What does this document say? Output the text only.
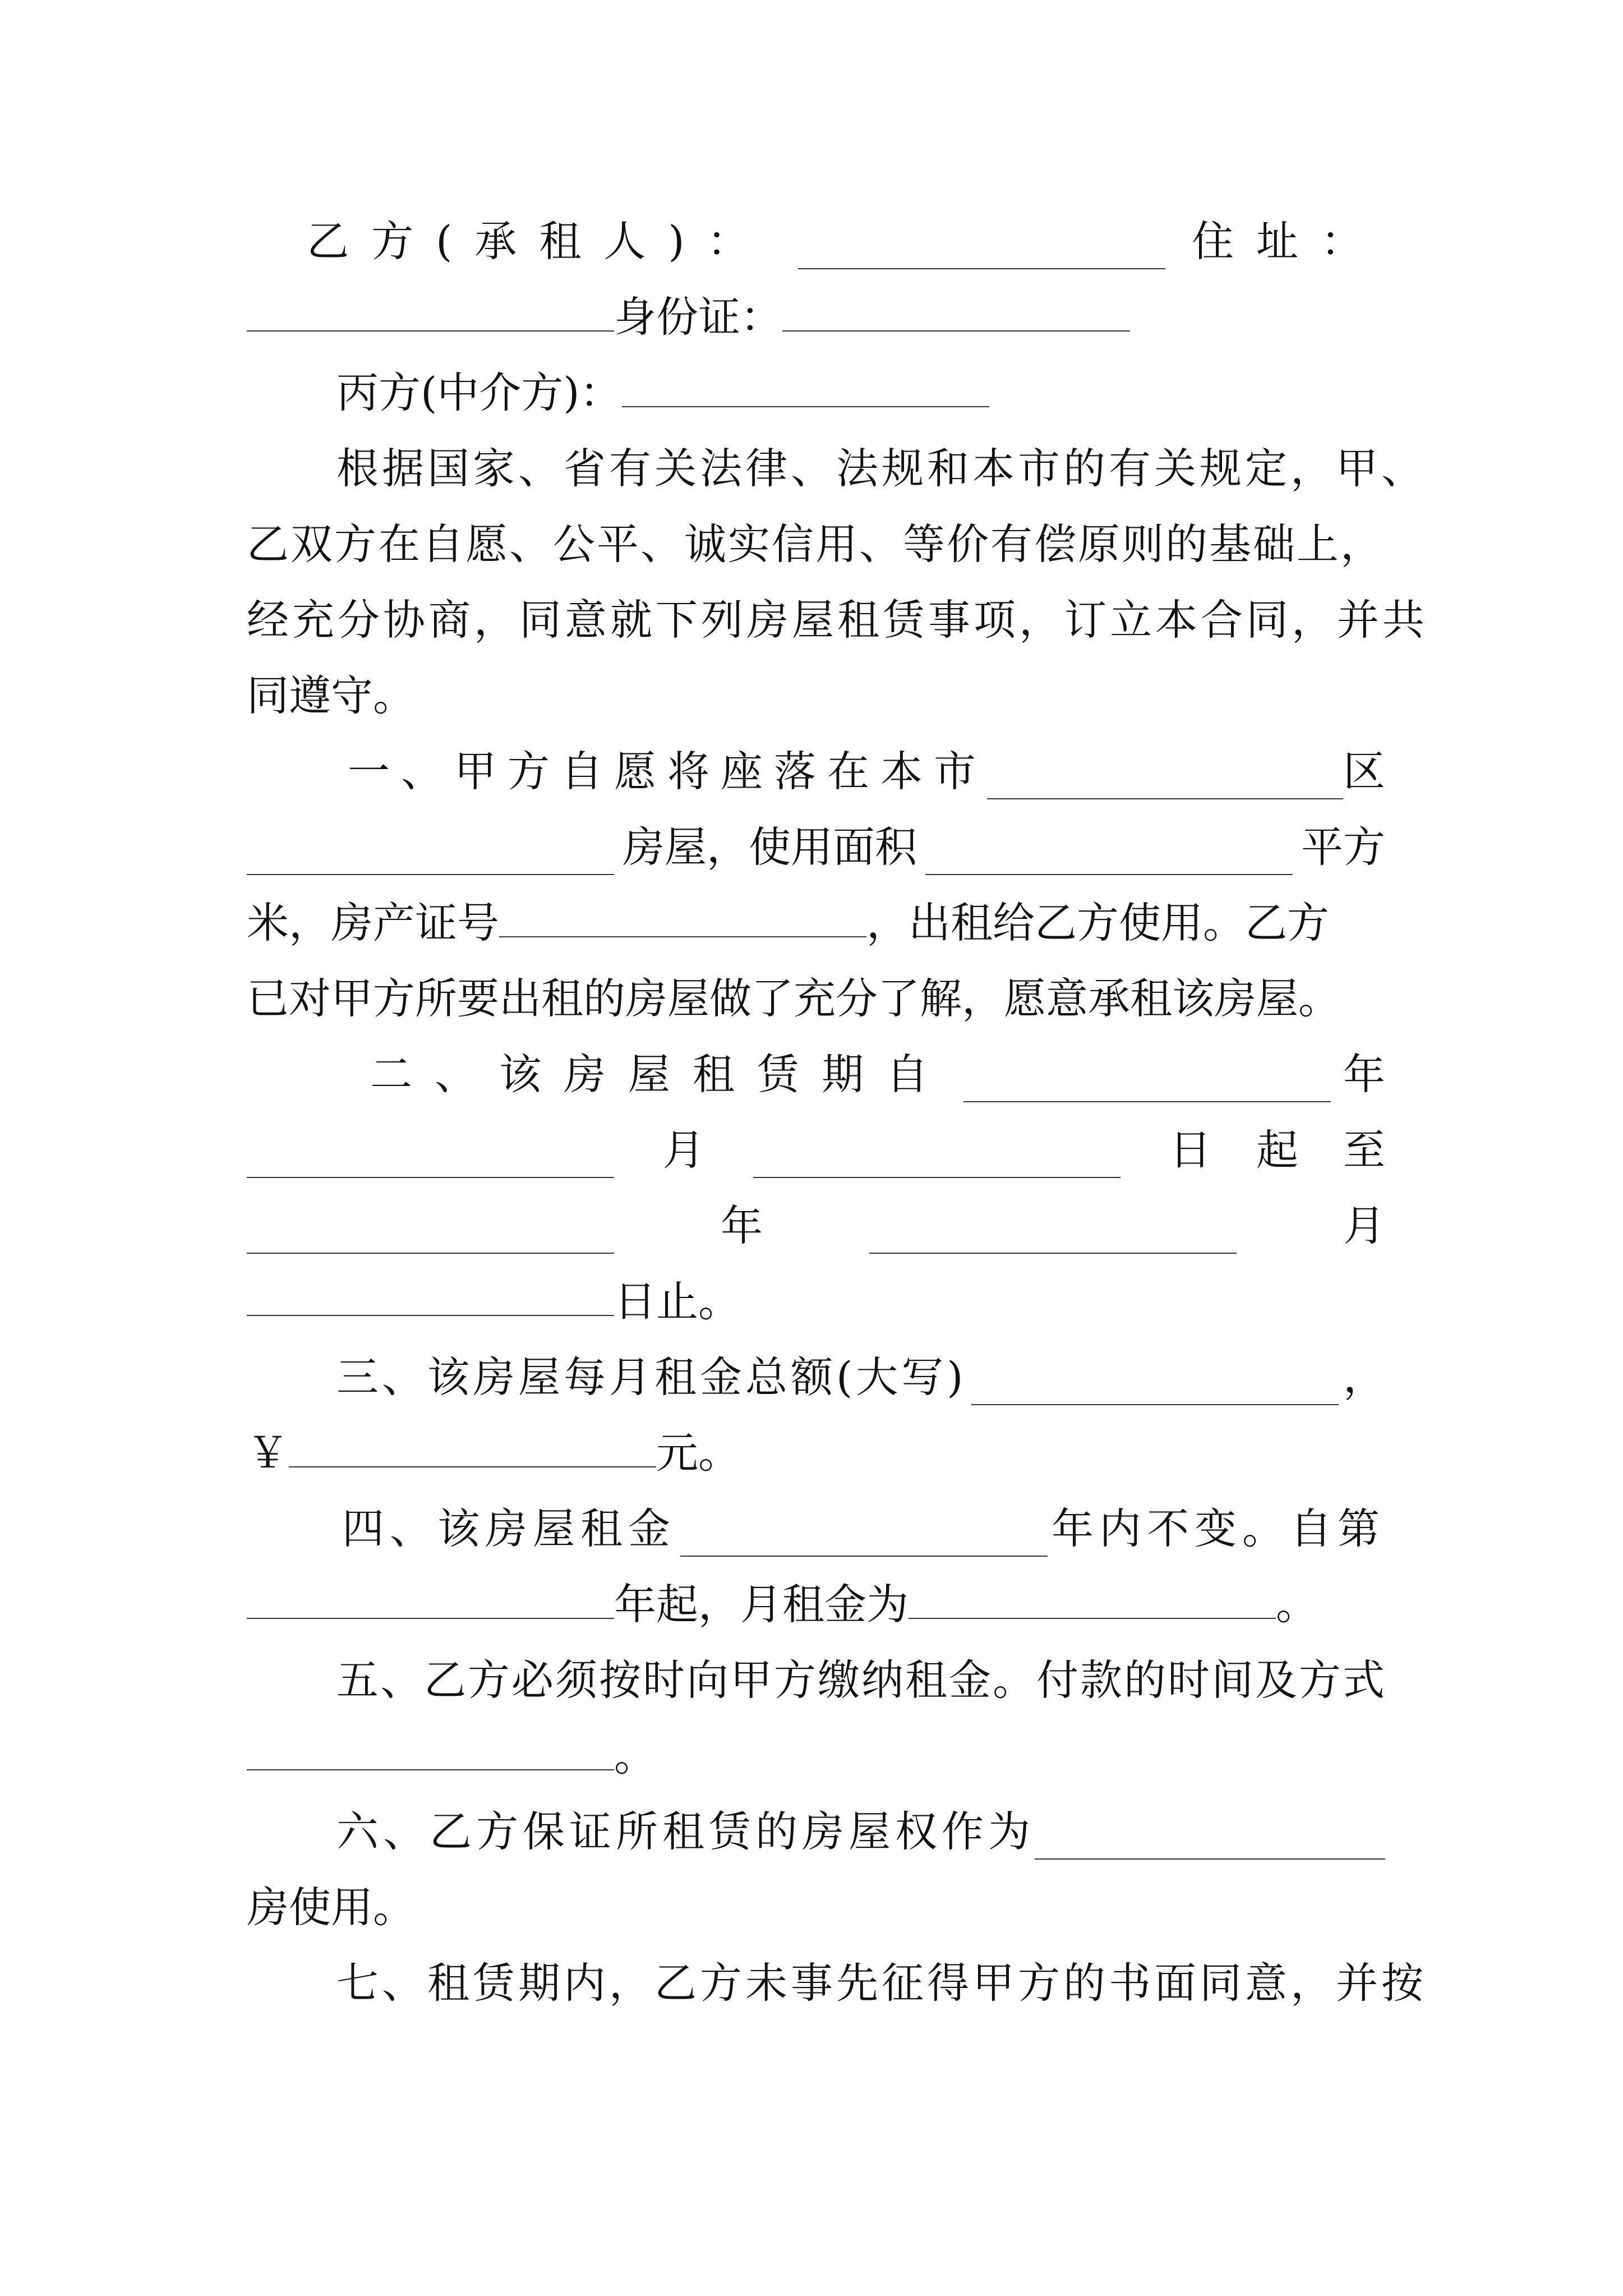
乙方(承租人)：	住址：
身份证：
丙方(中介方)：
根据国家、省有关法律、法规和本市的有关规定，甲、
乙双方在自愿、公平、诚实信用、等价有偿原则的基础上，
经充分协商，同意就下列房屋租赁事项，订立本合同，并共
同遵守。
一、甲方自愿将座落在本市	区
房屋，使用面积	平方
米，房产证号	，出租给乙方使用。乙方
已对甲方所要出租的房屋做了充分了解，愿意承租该房屋。
二、该房屋租赁期自	年
月	日起至
年	月
日止。
三、该房屋每月租金总额(大写)	，
￥	元。
四、该房屋租金	年内不变。自第
年起，月租金为	。
五、乙方必须按时向甲方缴纳租金。付款的时间及方式
。
六、乙方保证所租赁的房屋权作为
房使用。
七、租赁期内，乙方未事先征得甲方的书面同意，并按
